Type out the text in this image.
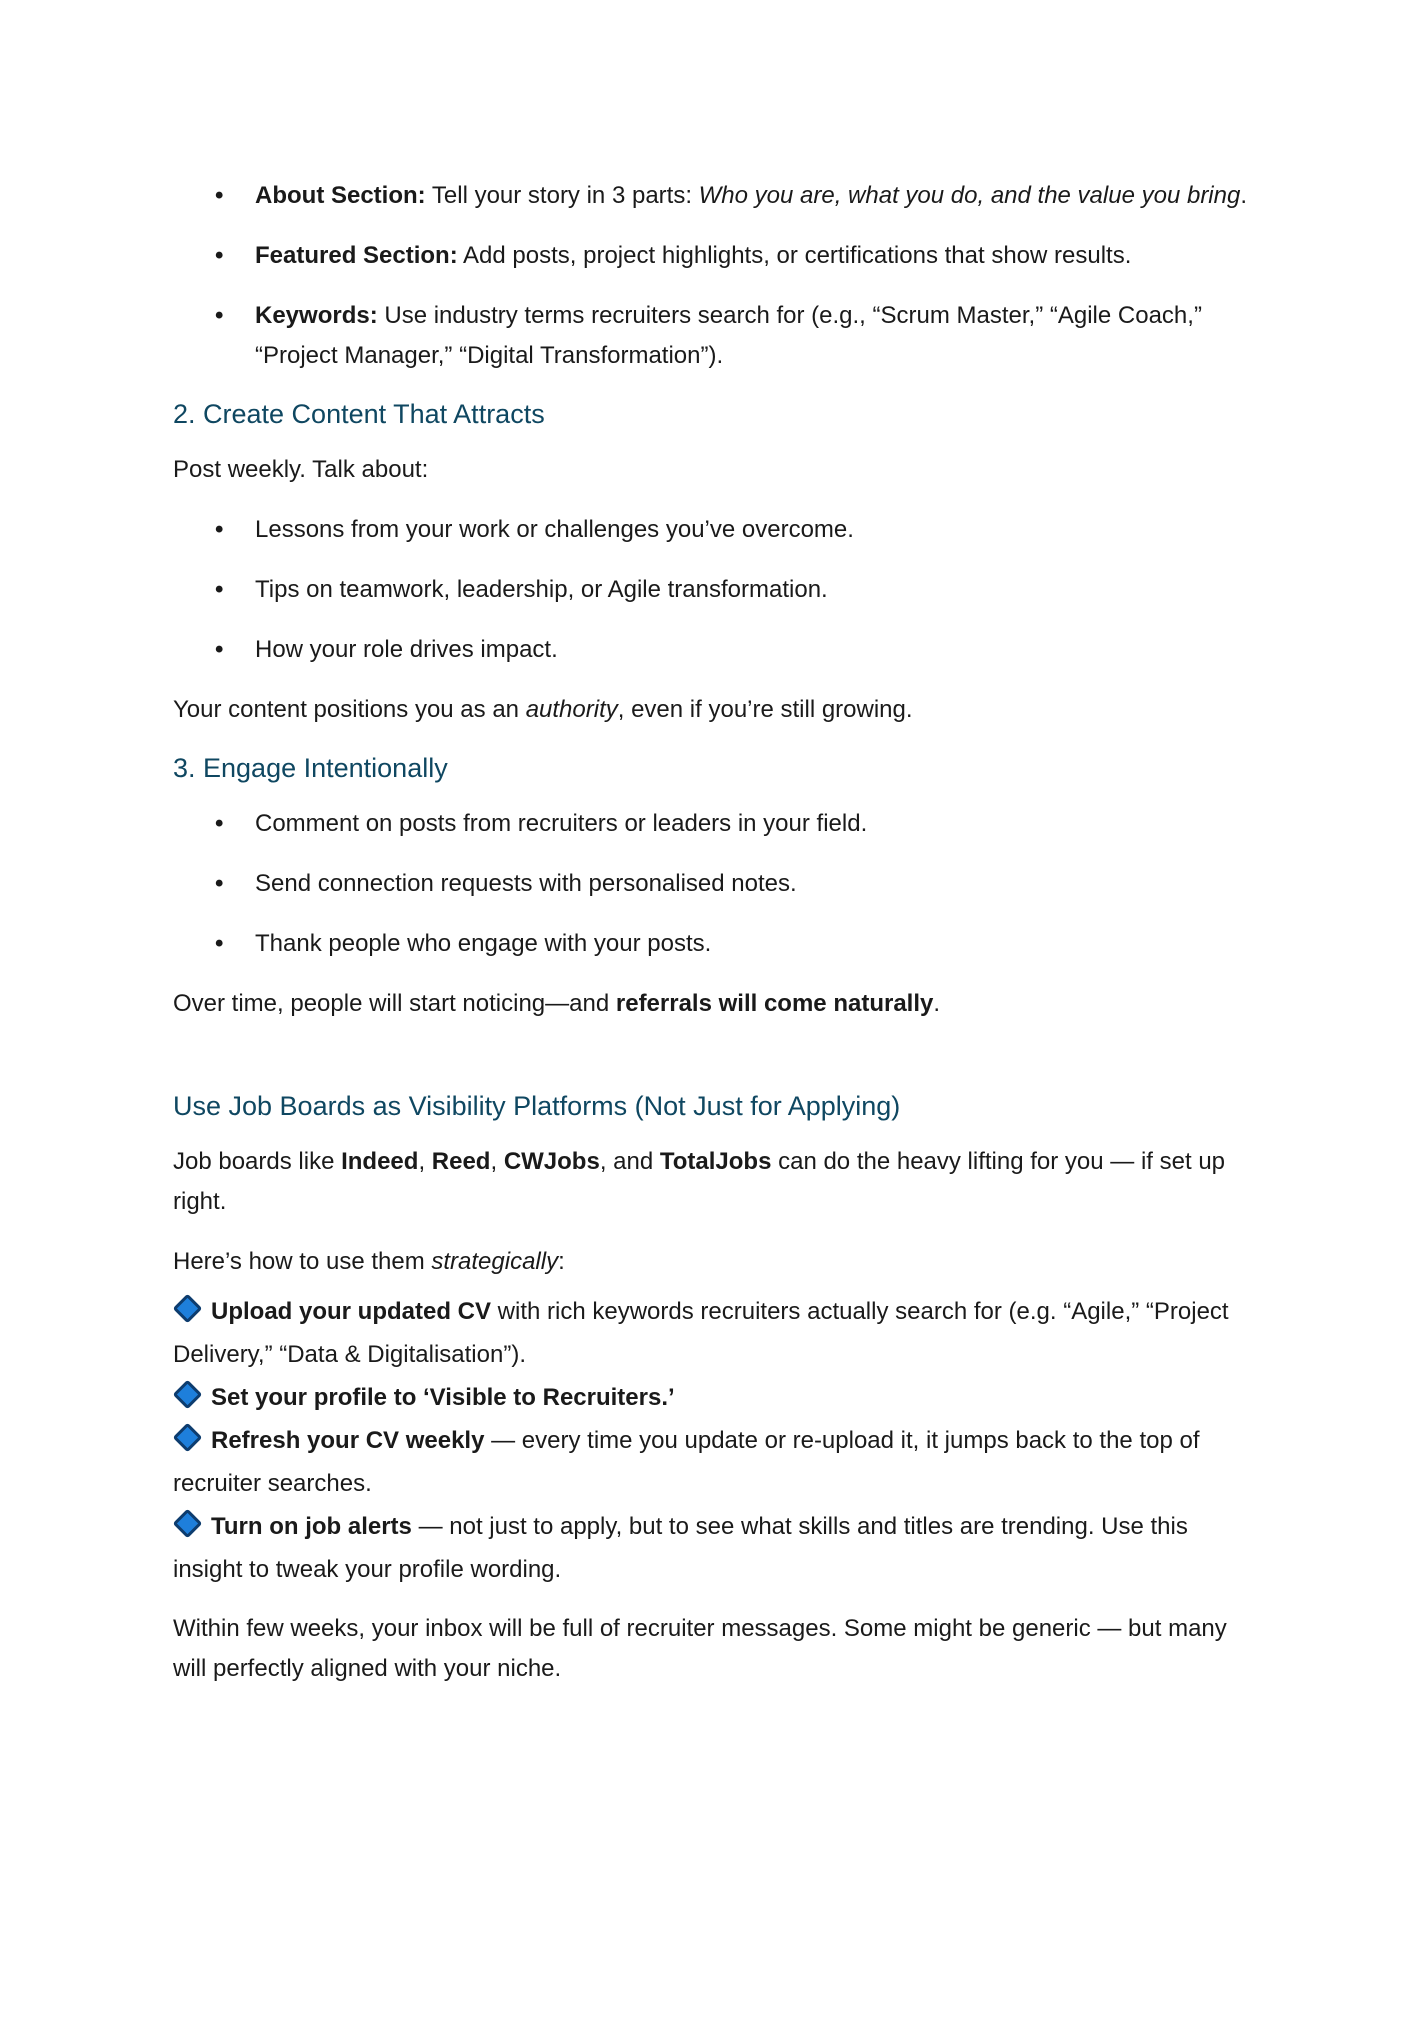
• About Section: Tell your story in 3 parts: Who you are, what you do, and the value you bring.
• Featured Section: Add posts, project highlights, or certifications that show results.
• Keywords: Use industry terms recruiters search for (e.g., “Scrum Master,” “Agile Coach,” “Project Manager,” “Digital Transformation”).
2. Create Content That Attracts

Post weekly. Talk about:

• Lessons from your work or challenges you’ve overcome.
• Tips on teamwork, leadership, or Agile transformation.
• How your role drives impact.

Your content positions you as an authority, even if you’re still growing.

3. Engage Intentionally
• Comment on posts from recruiters or leaders in your field.
• Send connection requests with personalised notes.
• Thank people who engage with your posts.

Over time, people will start noticing—and referrals will come naturally.

Use Job Boards as Visibility Platforms (Not Just for Applying)

Job boards like Indeed, Reed, CWJobs, and TotalJobs can do the heavy lifting for you — if set up right.

Here’s how to use them strategically:

Upload your updated CV with rich keywords recruiters actually search for (e.g. “Agile,” “Project Delivery,” “Data & Digitalisation”).

Set your profile to ‘Visible to Recruiters.’

Refresh your CV weekly — every time you update or re-upload it, it jumps back to the top of recruiter searches.

Turn on job alerts — not just to apply, but to see what skills and titles are trending. Use this insight to tweak your profile wording.

Within few weeks, your inbox will be full of recruiter messages. Some might be generic — but many will perfectly aligned with your niche.
